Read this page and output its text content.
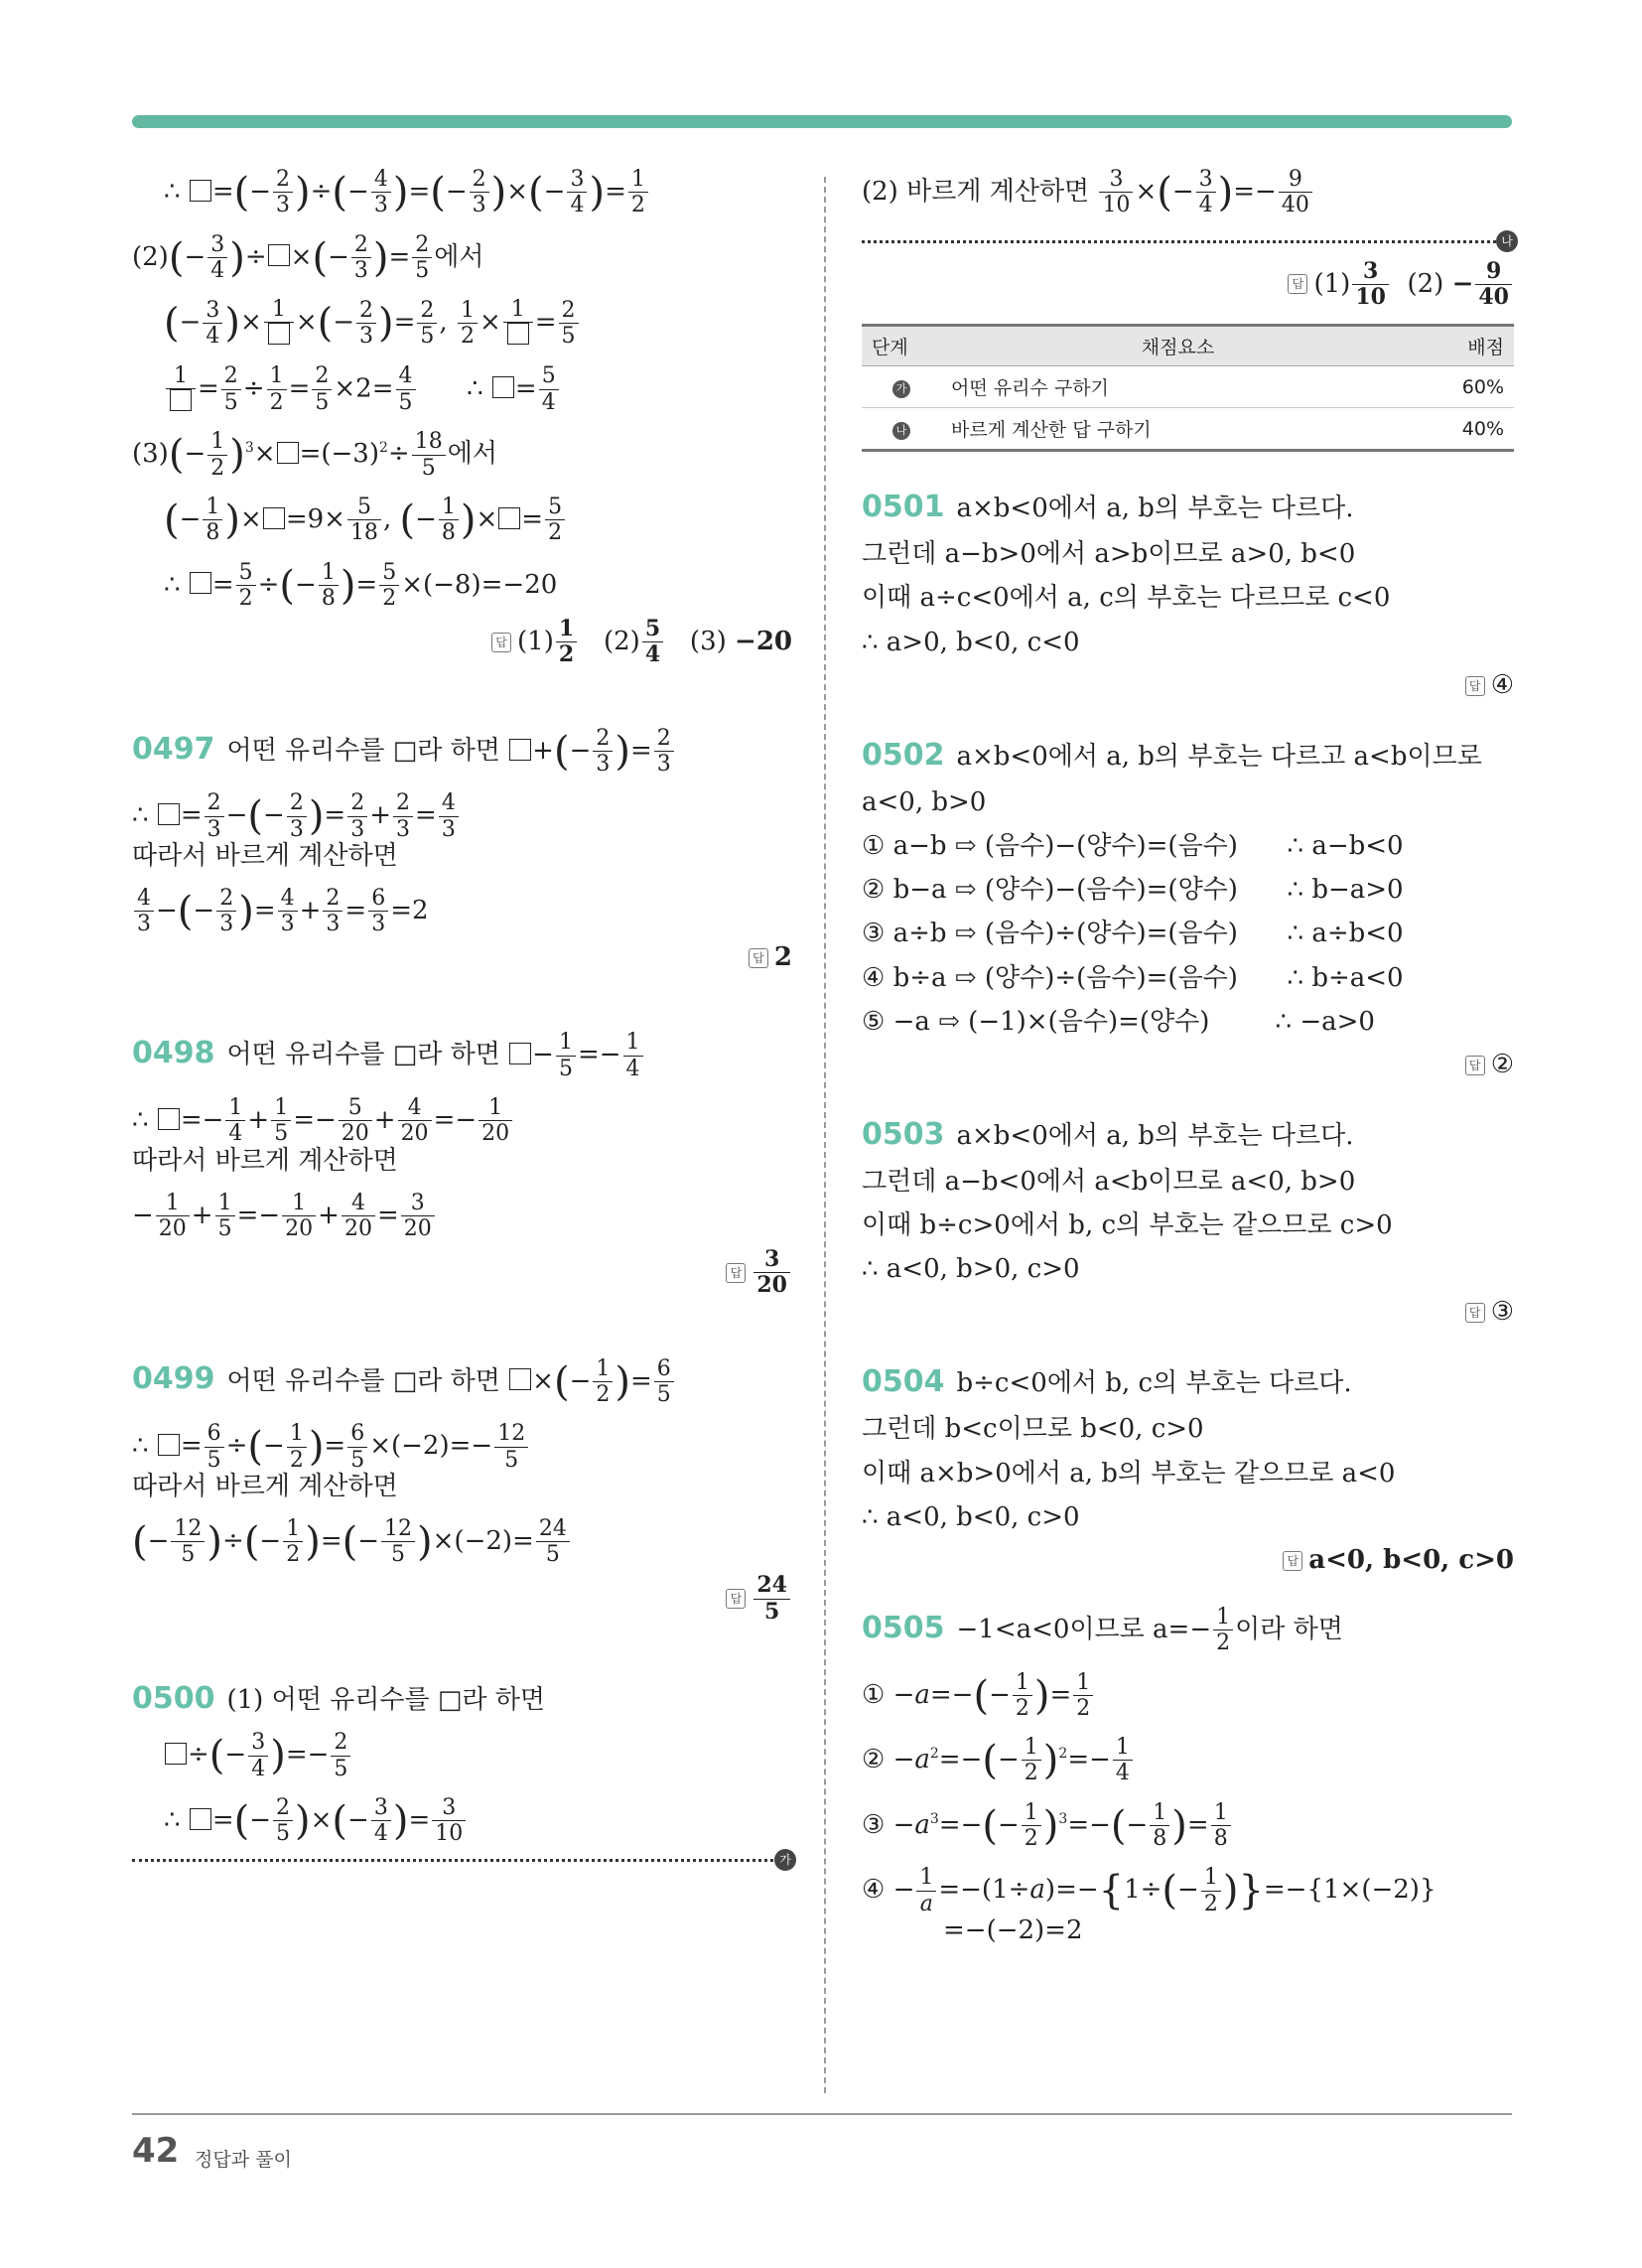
∴ =(− $\frac{2}{3}$ )÷(− $\frac{4}{3}$ )=(− $\frac{2}{3}$ )×(− $\frac{3}{4}$ )= $\frac{1}{2}$

$(2)(- \frac{3}{4}$ )÷ ×(− $\frac{2}{3}$ )= $\frac{2}{5}$ 에서

(− $\frac{3}{4}$ )× 1 ×(− $\frac{2}{3}$ )= $\frac{2}{5}$ , $\frac{1}{2} \times 1 = \frac{2}{5}$

$1 = \frac{2}{5} \div \frac{1}{2} = \frac{2}{5} \times 2= \frac{4}{5}$ ∴ = $\frac{5}{4}$

$(3)(- \frac{1}{2} )^3\times =(-3)^2\div \frac{18}{5}$ 에서

(− $\frac{1}{8}$ )× $=9\times \frac{5}{18}$ , (− $\frac{1}{8}$ )× = $\frac{5}{2}$

∴ = $\frac{5}{2}$ ÷(− $\frac{1}{8}$ )= $\frac{5}{2} \times(-8)=-20$

답 $(1) \frac{1}{2} (2) \frac{5}{4} (3) -20$

0497 어떤 유리수를 □라 하면 +(− $\frac{2}{3}$ )= $\frac{2}{3}$

∴ = $\frac{2}{3}$ −(− $\frac{2}{3}$ )= $\frac{2}{3} + \frac{2}{3} = \frac{4}{3}$

따라서 바르게 계산하면

$\frac{4}{3}$ −(− $\frac{2}{3}$ )= $\frac{4}{3} + \frac{2}{3} = \frac{6}{3} =2$

답 2

0498 어떤 유리수를 □라 하면 − $\frac{1}{5} =- \frac{1}{4}$

∴ =− $\frac{1}{4} + \frac{1}{5} =- \frac{5}{20} + \frac{4}{20} =- \frac{1}{20}$

따라서 바르게 계산하면

− $\frac{1}{20} + \frac{1}{5} =- \frac{1}{20} + \frac{4}{20} = \frac{3}{20}$

답 $\frac{3}{20}$

0499 어떤 유리수를 □라 하면 ×(− $\frac{1}{2}$ )= $\frac{6}{5}$

∴ = $\frac{6}{5}$ ÷(− $\frac{1}{2}$ )= $\frac{6}{5} \times(-2)=- \frac{12}{5}$

따라서 바르게 계산하면

(− $\frac{12}{5}$ )÷(− $\frac{1}{2}$ )=(− $\frac{12}{5} )\times(-2)= \frac{24}{5}$

답 $\frac{24}{5}$

0500 (1) 어떤 유리수를 □라 하면

÷(− $\frac{3}{4}$ )=− $\frac{2}{5}$

∴ =(− $\frac{2}{5}$ )×(− $\frac{3}{4}$ )= $\frac{3}{10}$

가

(2) 바르게 계산하면 $\frac{3}{10}$ ×(− $\frac{3}{4}$ )=− $\frac{9}{40}$

나

답 $(1) \frac{3}{10} (2) - \frac{9}{40}$

단계	채점요소	배점
가	어떤 유리수 구하기	60%
나	바르게 계산한 답 구하기	40%

0501 a×b<0에서 a, b의 부호는 다르다.

그런데 a−b>0에서 a>b이므로 a>0, b<0

이때 a÷c<0에서 a, c의 부호는 다르므로 c<0

∴ a>0, b<0, c<0

답 ④

0502 a×b<0에서 a, b의 부호는 다르고 a<b이므로

a<0, b>0

① a−b ⇨ (음수)−(양수)=(음수)      ∴ a−b<0

② b−a ⇨ (양수)−(음수)=(양수)      ∴ b−a>0

③ a÷b ⇨ (음수)÷(양수)=(음수)      ∴ a÷b<0

④ b÷a ⇨ (양수)÷(음수)=(음수)      ∴ b÷a<0

⑤ −a ⇨ (−1)×(음수)=(양수)        ∴ −a>0

답 ②

0503 a×b<0에서 a, b의 부호는 다르다.

그런데 a−b<0에서 a<b이므로 a<0, b>0

이때 b÷c>0에서 b, c의 부호는 같으므로 c>0

∴ a<0, b>0, c>0

답 ③

0504 b÷c<0에서 b, c의 부호는 다르다.

그런데 b<c이므로 b<0, c>0

이때 a×b>0에서 a, b의 부호는 같으므로 a<0

∴ a<0, b<0, c>0

답 a<0, b<0, c>0

0505 −1<a<0이므로 $a=- \frac{1}{2}$ 이라 하면

① $-a=-(- \frac{1}{2}$ )= $\frac{1}{2}$

② $-a^2=-(- \frac{1}{2} )^2=- \frac{1}{4}$

③ $-a^3=-(- \frac{1}{2} )^3=-(- \frac{1}{8}$ )= $\frac{1}{8}$

④ − $\frac{1}{a} =-(1\div a)=-\{1\div(- \frac{1}{2} )\}=-\{1\times(-2)\}$

=−(−2)=2

42 정답과 풀이
